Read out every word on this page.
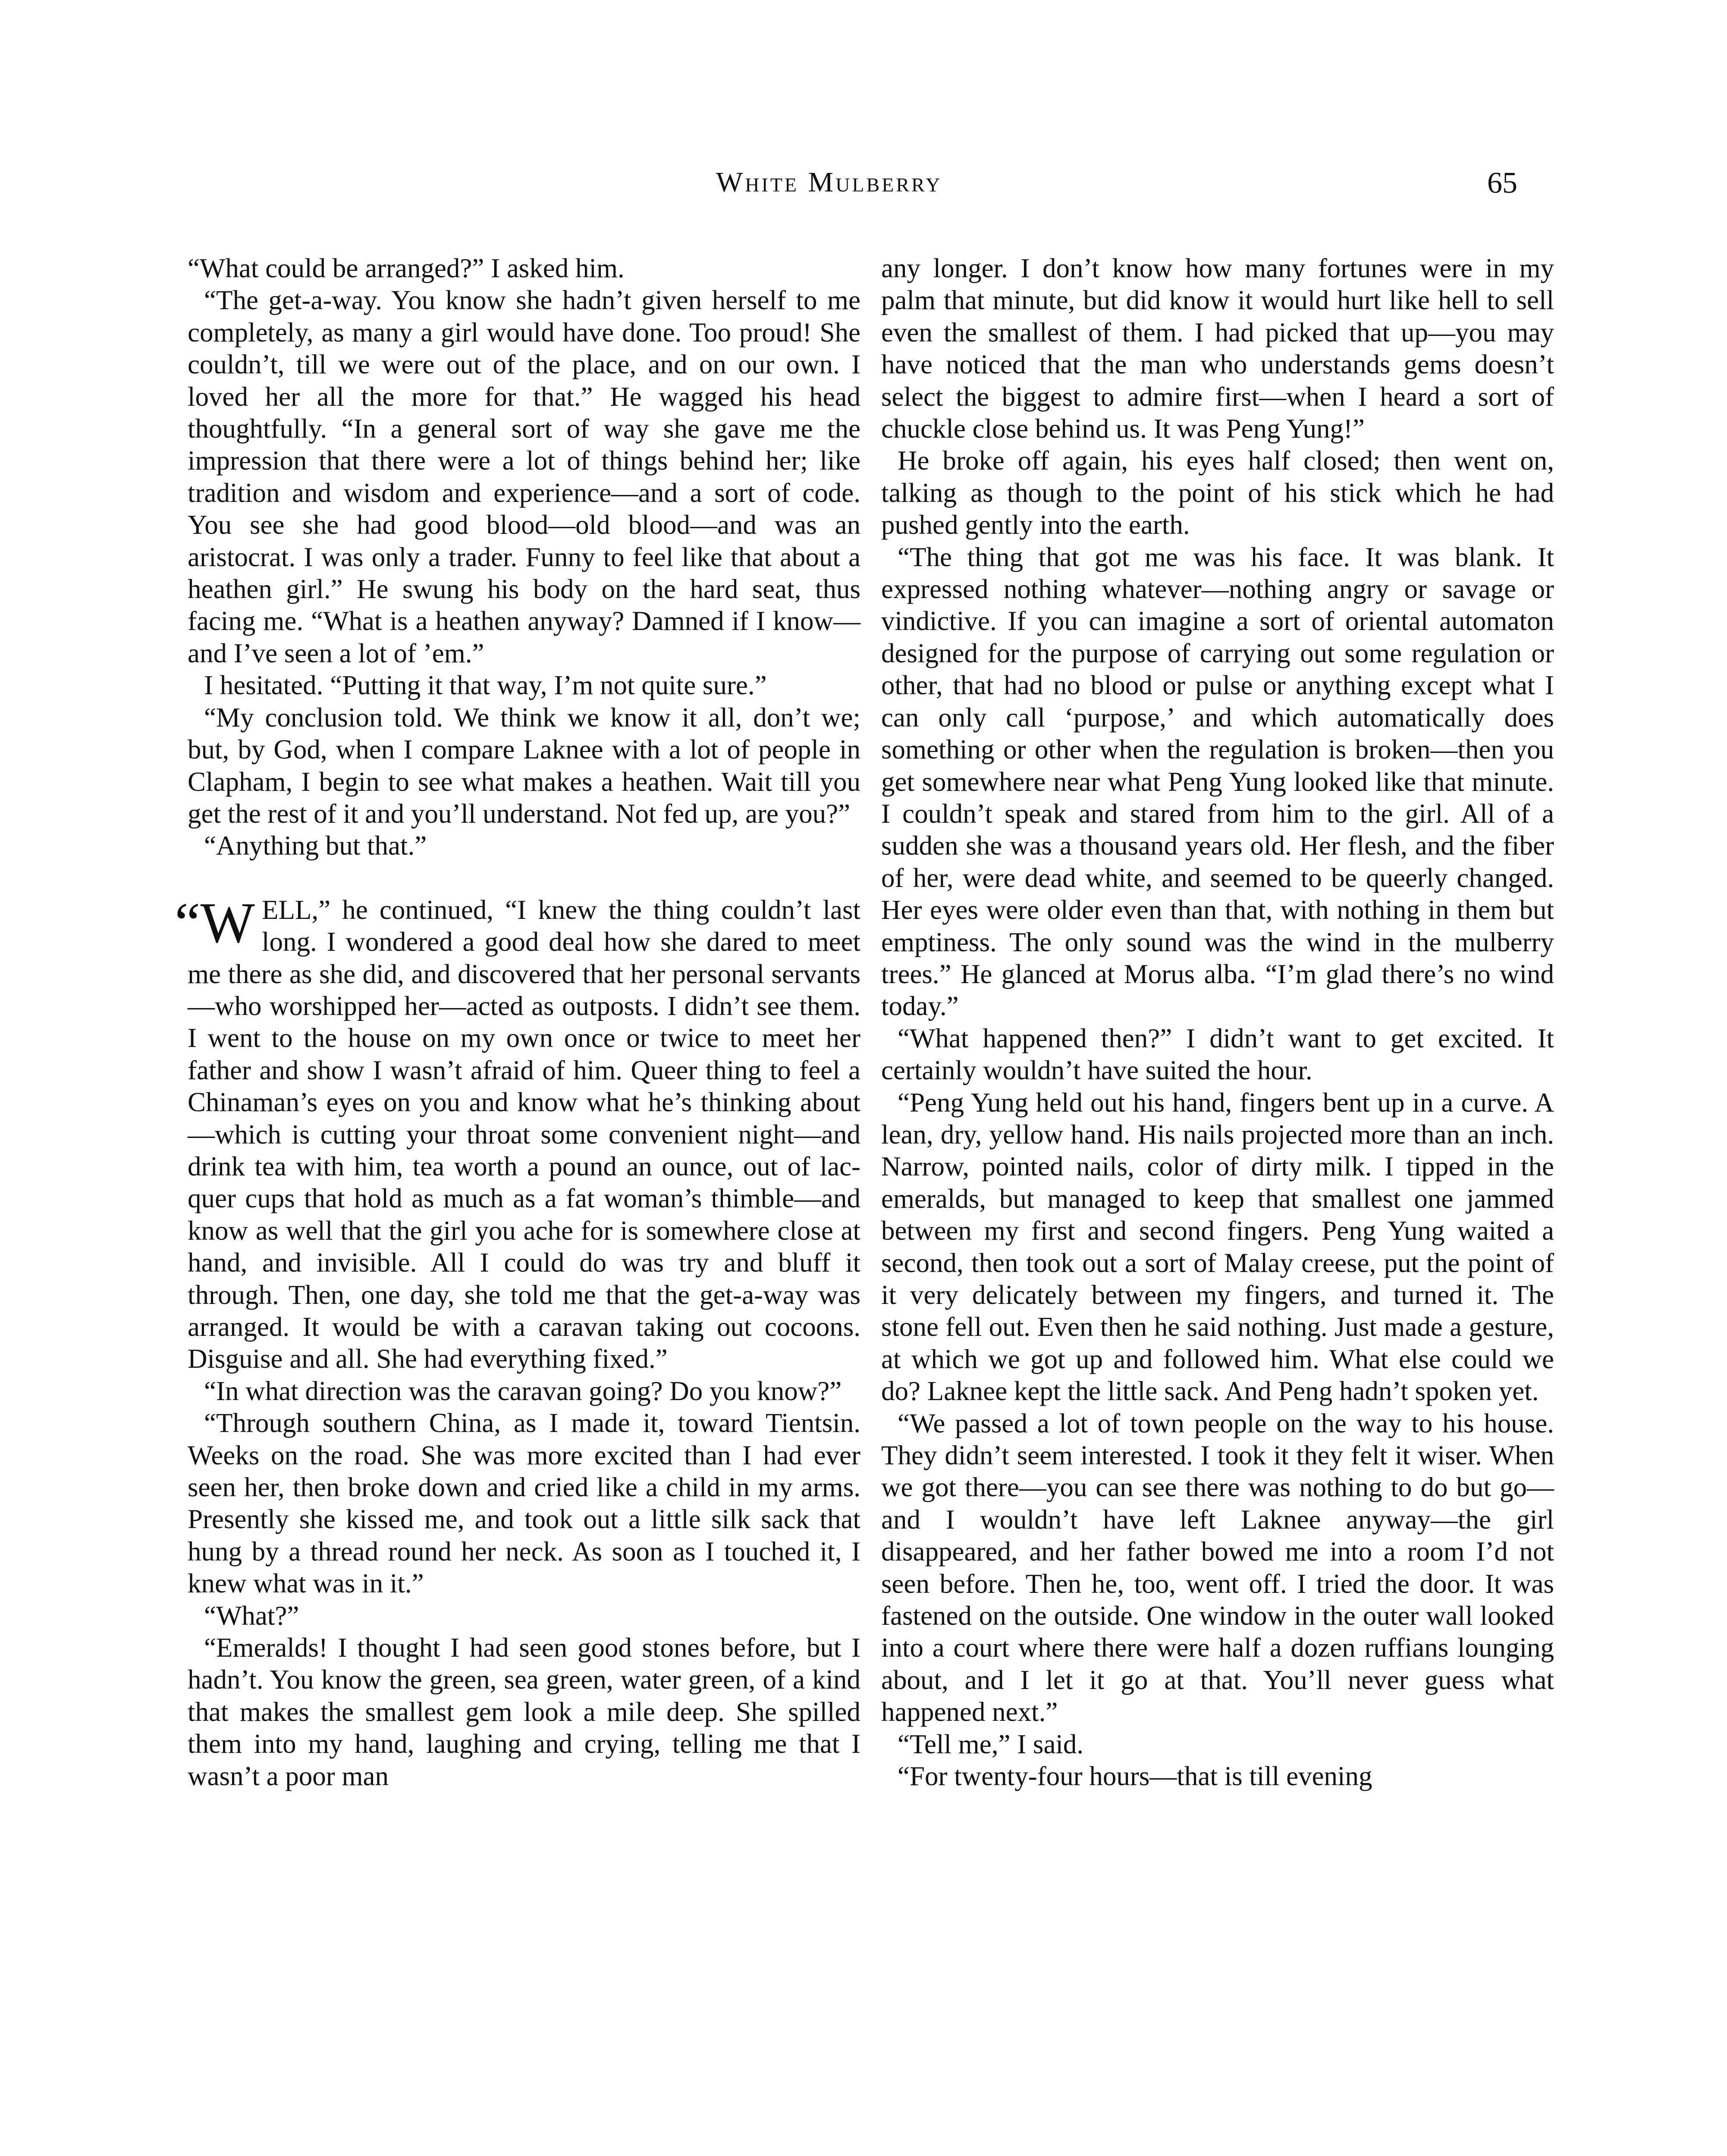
White Mulberry	65

“What could be arranged?” I asked him.

“The get-a-way. You know she hadn’t given herself to me completely, as many a girl would have done. Too proud! She couldn’t, till we were out of the place, and on our own. I loved her all the more for that.” He wagged his head thoughtfully. “In a general sort of way she gave me the impression that there were a lot of things behind her; like tradition and wisdom and experience—and a sort of code. You see she had good blood—old blood—and was an aristocrat. I was only a trader. Funny to feel like that about a heathen girl.” He swung his body on the hard seat, thus facing me. “What is a heathen anyway? Damned if I know—and I’ve seen a lot of ’em.”

I hesitated. “Putting it that way, I’m not quite sure.”

“My conclusion told. We think we know it all, don’t we; but, by God, when I compare Laknee with a lot of people in Clapham, I begin to see what makes a heathen. Wait till you get the rest of it and you’ll understand. Not fed up, are you?”

“Anything but that.”

“W ELL,” he continued, “I knew the thing couldn’t last long. I wondered a good deal how she dared to meet me there as she did, and discovered that her personal servants—who worshipped her—acted as outposts. I didn’t see them. I went to the house on my own once or twice to meet her father and show I wasn’t afraid of him. Queer thing to feel a Chinaman’s eyes on you and know what he’s thinking about—which is cutting your throat some convenient night—and drink tea with him, tea worth a pound an ounce, out of lacquer cups that hold as much as a fat woman’s thimble—and know as well that the girl you ache for is somewhere close at hand, and invisible. All I could do was try and bluff it through. Then, one day, she told me that the get-a-way was arranged. It would be with a caravan taking out cocoons. Disguise and all. She had everything fixed.”

“In what direction was the caravan going? Do you know?”

“Through southern China, as I made it, toward Tientsin. Weeks on the road. She was more excited than I had ever seen her, then broke down and cried like a child in my arms. Presently she kissed me, and took out a little silk sack that hung by a thread round her neck. As soon as I touched it, I knew what was in it.”

“What?”

“Emeralds! I thought I had seen good stones before, but I hadn’t. You know the green, sea green, water green, of a kind that makes the smallest gem look a mile deep. She spilled them into my hand, laughing and crying, telling me that I wasn’t a poor man

any longer. I don’t know how many fortunes were in my palm that minute, but did know it would hurt like hell to sell even the smallest of them. I had picked that up—you may have noticed that the man who understands gems doesn’t select the biggest to admire first—when I heard a sort of chuckle close behind us. It was Peng Yung!”

He broke off again, his eyes half closed; then went on, talking as though to the point of his stick which he had pushed gently into the earth.

“The thing that got me was his face. It was blank. It expressed nothing whatever—nothing angry or savage or vindictive. If you can imagine a sort of oriental automaton designed for the purpose of carrying out some regulation or other, that had no blood or pulse or anything except what I can only call ‘purpose,’ and which automatically does something or other when the regulation is broken—then you get somewhere near what Peng Yung looked like that minute. I couldn’t speak and stared from him to the girl. All of a sudden she was a thousand years old. Her flesh, and the fiber of her, were dead white, and seemed to be queerly changed. Her eyes were older even than that, with nothing in them but emptiness. The only sound was the wind in the mulberry trees.” He glanced at Morus alba. “I’m glad there’s no wind today.”

“What happened then?” I didn’t want to get excited. It certainly wouldn’t have suited the hour.

“Peng Yung held out his hand, fingers bent up in a curve. A lean, dry, yellow hand. His nails projected more than an inch. Narrow, pointed nails, color of dirty milk. I tipped in the emeralds, but managed to keep that smallest one jammed between my first and second fingers. Peng Yung waited a second, then took out a sort of Malay creese, put the point of it very delicately between my fingers, and turned it. The stone fell out. Even then he said nothing. Just made a gesture, at which we got up and followed him. What else could we do? Laknee kept the little sack. And Peng hadn’t spoken yet.

“We passed a lot of town people on the way to his house. They didn’t seem interested. I took it they felt it wiser. When we got there—you can see there was nothing to do but go—and I wouldn’t have left Laknee anyway—the girl disappeared, and her father bowed me into a room I’d not seen before. Then he, too, went off. I tried the door. It was fastened on the outside. One window in the outer wall looked into a court where there were half a dozen ruffians lounging about, and I let it go at that. You’ll never guess what happened next.”

“Tell me,” I said.

“For twenty-four hours—that is till evening
